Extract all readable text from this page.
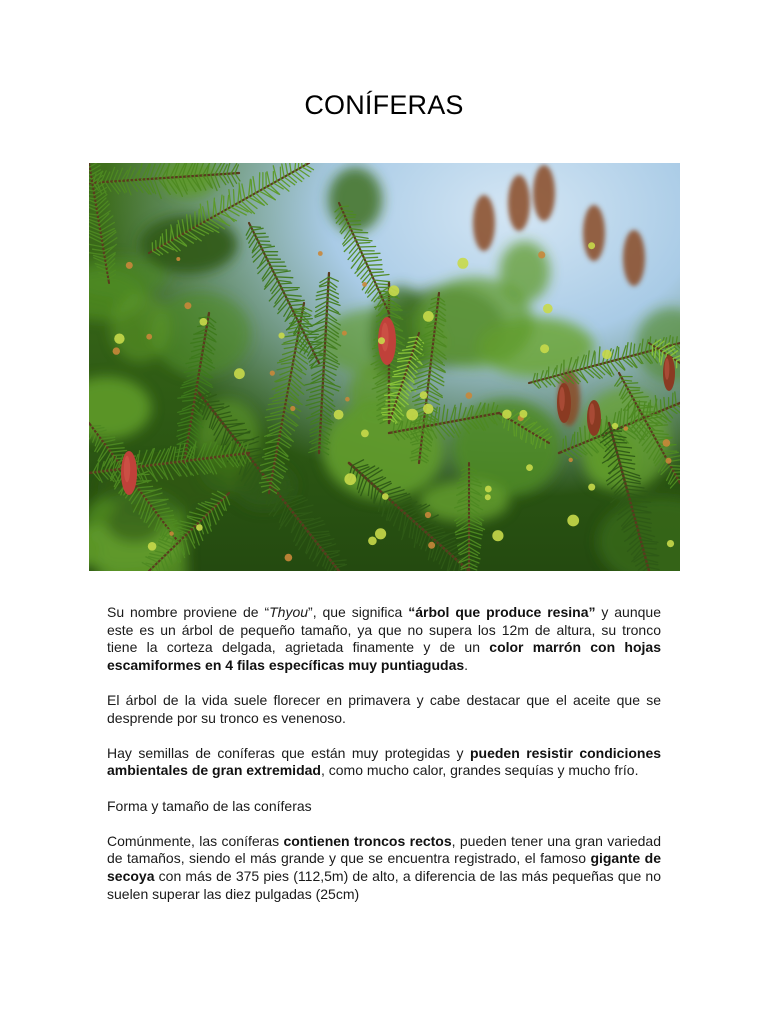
CONÍFERAS

Su nombre proviene de “Thyou”, que significa “árbol que produce resina” y aunque este es un árbol de pequeño tamaño, ya que no supera los 12m de altura, su tronco tiene la corteza delgada, agrietada finamente y de un color marrón con hojas escamiformes en 4 filas específicas muy puntiagudas.

El árbol de la vida suele florecer en primavera y cabe destacar que el aceite que se desprende por su tronco es venenoso.

Hay semillas de coníferas que están muy protegidas y pueden resistir condiciones ambientales de gran extremidad, como mucho calor, grandes sequías y mucho frío.

Forma y tamaño de las coníferas

Comúnmente, las coníferas contienen troncos rectos, pueden tener una gran variedad de tamaños, siendo el más grande y que se encuentra registrado, el famoso gigante de secoya con más de 375 pies (112,5m) de alto, a diferencia de las más pequeñas que no suelen superar las diez pulgadas (25cm)
